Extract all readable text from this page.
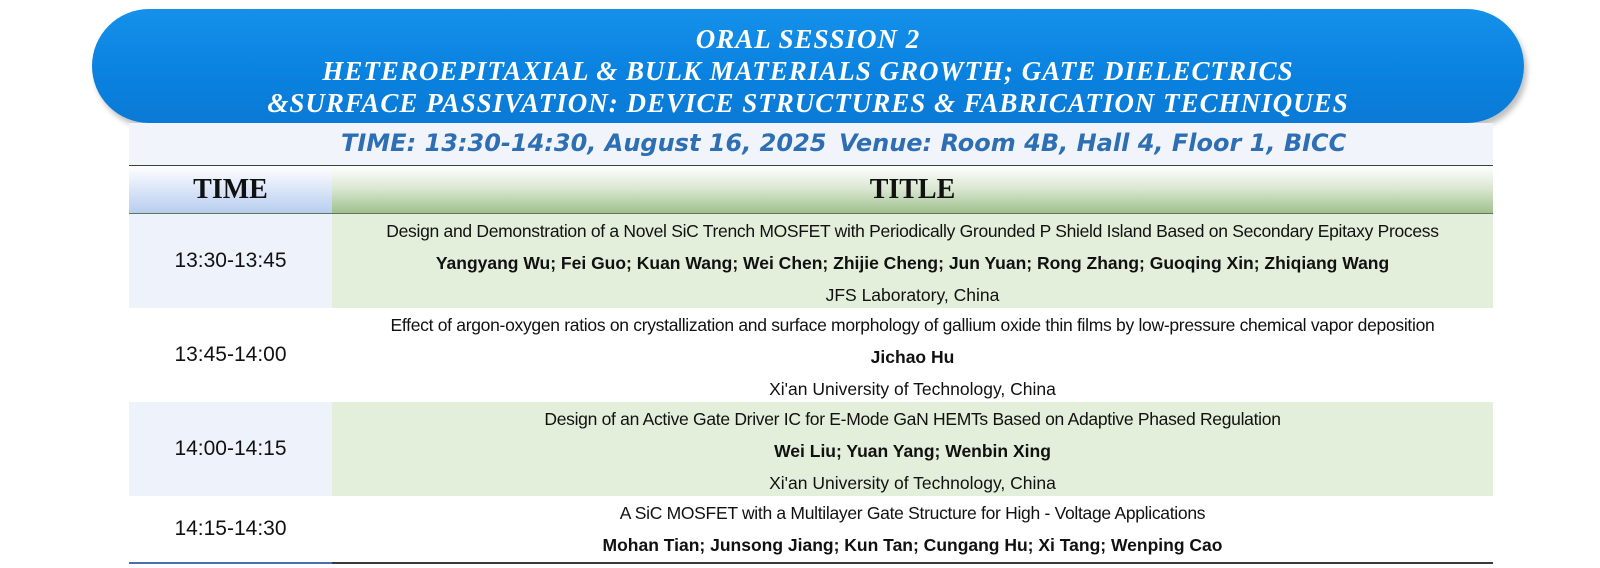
ORAL SESSION 2
HETEROEPITAXIAL & BULK MATERIALS GROWTH; GATE DIELECTRICS
&SURFACE PASSIVATION: DEVICE STRUCTURES & FABRICATION TECHNIQUES
TIME: 13:30-14:30, August 16, 2025 Venue: Room 4B, Hall 4, Floor 1, BICC
TIME	TITLE
13:30-13:45
Design and Demonstration of a Novel SiC Trench MOSFET with Periodically Grounded P Shield Island Based on Secondary Epitaxy Process
Yangyang Wu; Fei Guo; Kuan Wang; Wei Chen; Zhijie Cheng; Jun Yuan; Rong Zhang; Guoqing Xin; Zhiqiang Wang
JFS Laboratory, China
13:45-14:00
Effect of argon-oxygen ratios on crystallization and surface morphology of gallium oxide thin films by low-pressure chemical vapor deposition
Jichao Hu
Xi'an University of Technology, China
14:00-14:15
Design of an Active Gate Driver IC for E-Mode GaN HEMTs Based on Adaptive Phased Regulation
Wei Liu; Yuan Yang; Wenbin Xing
Xi'an University of Technology, China
14:15-14:30
A SiC MOSFET with a Multilayer Gate Structure for High - Voltage Applications
Mohan Tian; Junsong Jiang; Kun Tan; Cungang Hu; Xi Tang; Wenping Cao
